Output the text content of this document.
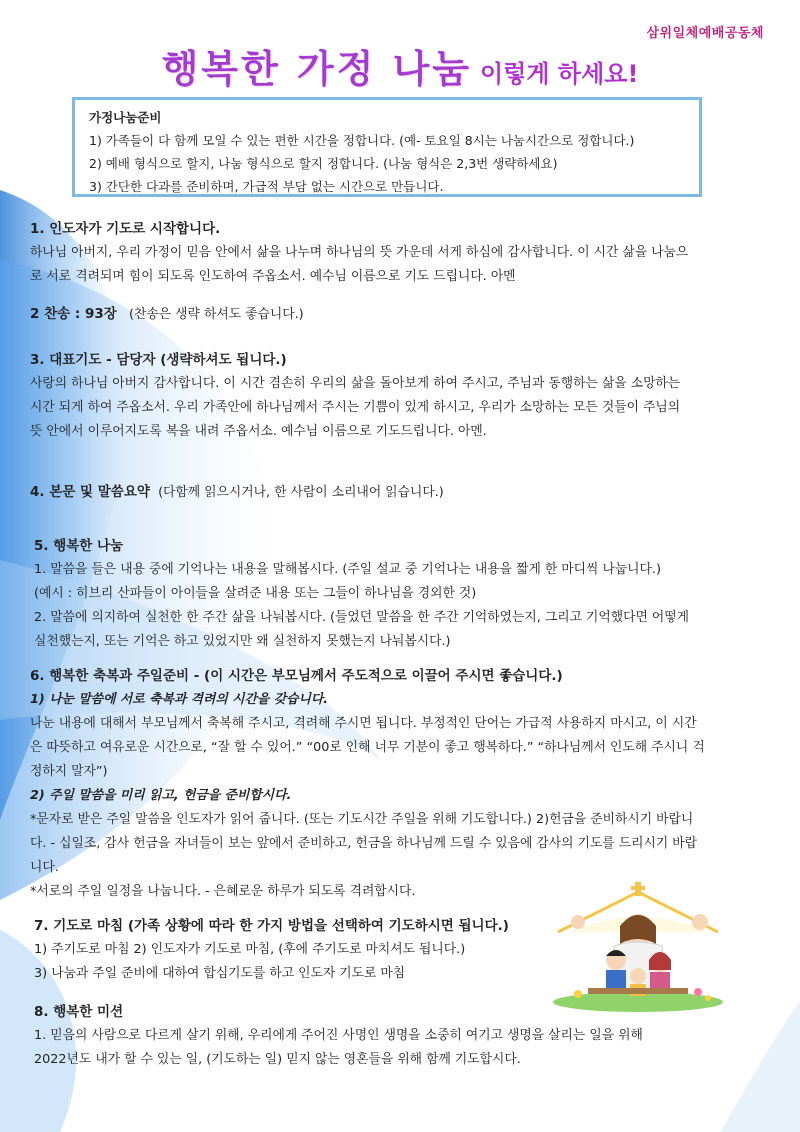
삼위일체예배공동체
행복한 가정 나눔 이렇게 하세요!
가정나눔준비
1) 가족들이 다 함께 모일 수 있는 편한 시간을 정합니다. (예- 토요일 8시는 나눔시간으로 정합니다.)
2) 예배 형식으로 할지, 나눔 형식으로 할지 정합니다. (나눔 형식은 2,3번 생략하세요)
3) 간단한 다과를 준비하며, 가급적 부담 없는 시간으로 만듭니다.

1. 인도자가 기도로 시작합니다.

하나님 아버지, 우리 가정이 믿음 안에서 삶을 나누며 하나님의 뜻 가운데 서게 하심에 감사합니다. 이 시간 삶을 나눔으

로 서로 격려되며 힘이 되도록 인도하여 주옵소서. 예수님 이름으로 기도 드립니다. 아멘

2 찬송 : 93장 (찬송은 생략 하셔도 좋습니다.)

3. 대표기도 - 담당자 (생략하셔도 됩니다.)

사랑의 하나님 아버지 감사합니다. 이 시간 겸손히 우리의 삶을 돌아보게 하여 주시고, 주님과 동행하는 삶을 소망하는

시간 되게 하여 주옵소서. 우리 가족안에 하나님께서 주시는 기쁨이 있게 하시고, 우리가 소망하는 모든 것들이 주님의

뜻 안에서 이루어지도록 복을 내려 주옵서소. 예수님 이름으로 기도드립니다. 아멘.

4. 본문 및 말씀요약 (다함께 읽으시거나, 한 사람이 소리내어 읽습니다.)

5. 행복한 나눔

1. 말씀을 들은 내용 중에 기억나는 내용을 말해봅시다. (주일 설교 중 기억나는 내용을 짧게 한 마디씩 나눕니다.)

(예시 : 히브리 산파들이 아이들을 살려준 내용 또는 그들이 하나님을 경외한 것)

2. 말씀에 의지하여 실천한 한 주간 삶을 나눠봅시다. (들었던 말씀을 한 주간 기억하였는지, 그리고 기억했다면 어떻게

실천했는지, 또는 기억은 하고 있었지만 왜 실천하지 못했는지 나눠봅시다.)

6. 행복한 축복과 주일준비 - (이 시간은 부모님께서 주도적으로 이끌어 주시면 좋습니다.)

1) 나눈 말씀에 서로 축복과 격려의 시간을 갖습니다.

나눈 내용에 대해서 부모님께서 축복해 주시고, 격려해 주시면 됩니다. 부정적인 단어는 가급적 사용하지 마시고, 이 시간

은 따뜻하고 여유로운 시간으로, “잘 할 수 있어.” “00로 인해 너무 기분이 좋고 행복하다.” “하나님께서 인도해 주시니 걱

정하지 말자”)

2) 주일 말씀을 미리 읽고, 헌금을 준비합시다.

*문자로 받은 주일 말씀을 인도자가 읽어 줍니다. (또는 기도시간 주일을 위해 기도합니다.) 2)헌금을 준비하시기 바랍니

다. - 십일조, 감사 헌금을 자녀들이 보는 앞에서 준비하고, 헌금을 하나님께 드릴 수 있음에 감사의 기도를 드리시기 바랍

니다.

*서로의 주일 일정을 나눕니다. - 은혜로운 하루가 되도록 격려합시다.

7. 기도로 마침 (가족 상황에 따라 한 가지 방법을 선택하여 기도하시면 됩니다.)

1) 주기도로 마침 2) 인도자가 기도로 마침, (후에 주기도로 마치셔도 됩니다.)

3) 나눔과 주일 준비에 대하여 합심기도를 하고 인도자 기도로 마침

8. 행복한 미션

1. 믿음의 사람으로 다르게 살기 위해, 우리에게 주어진 사명인 생명을 소중히 여기고 생명을 살리는 일을 위해

2022년도 내가 할 수 있는 일, (기도하는 일) 믿지 않는 영혼들을 위해 함께 기도합시다.
